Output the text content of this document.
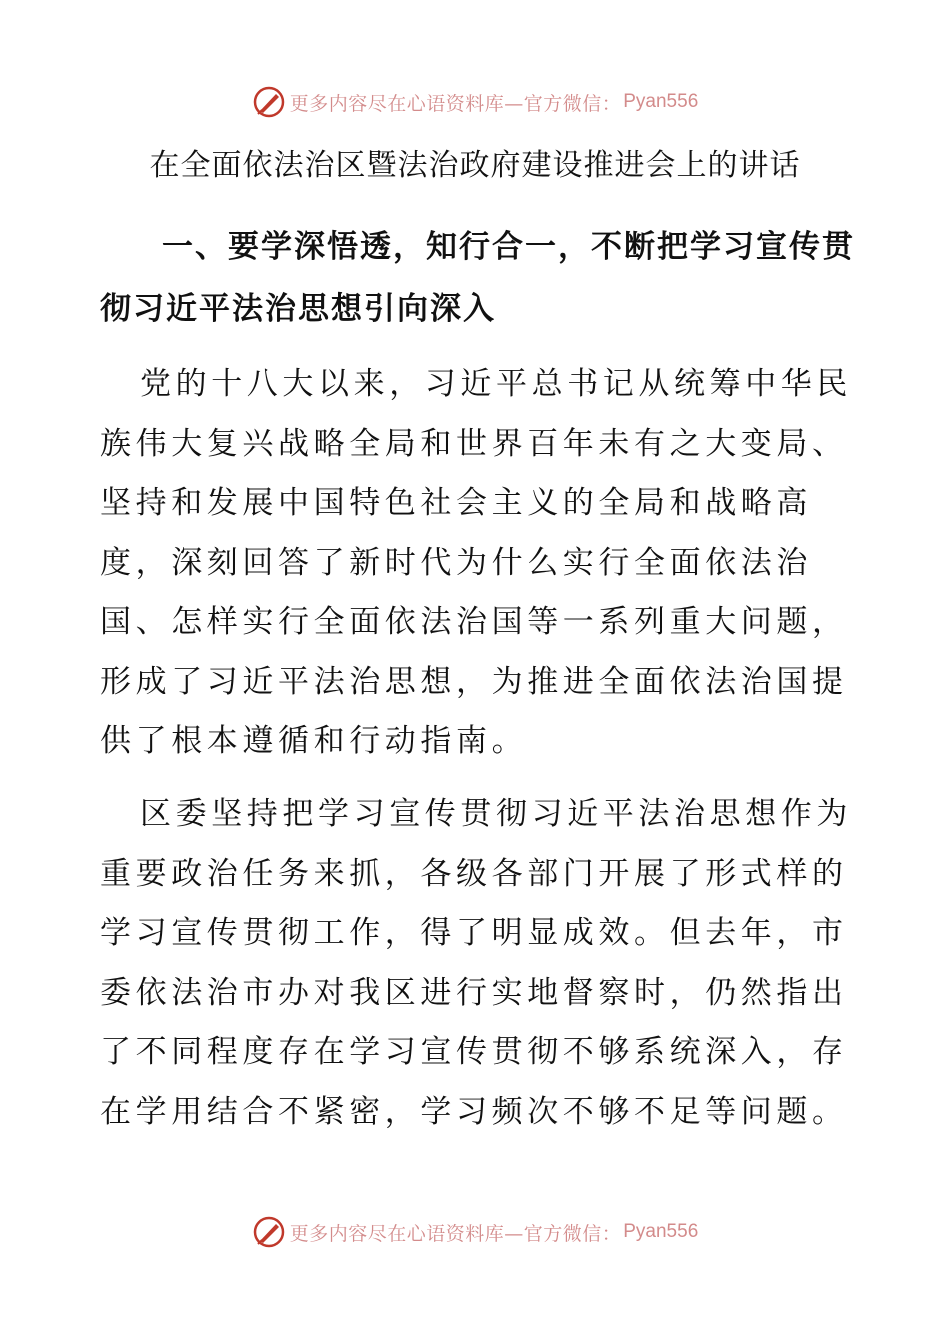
更多内容尽在心语资料库—官方微信： Pyan556
在全面依法治区暨法治政府建设推进会上的讲话
一、要学深悟透，知行合一，不断把学习宣传贯彻习近平法治思想引向深入
党的十八大以来，习近平总书记从统筹中华民族伟大复兴战略全局和世界百年未有之大变局、坚持和发展中国特色社会主义的全局和战略高度，深刻回答了新时代为什么实行全面依法治国、怎样实行全面依法治国等一系列重大问题，形成了习近平法治思想，为推进全面依法治国提供了根本遵循和行动指南。
区委坚持把学习宣传贯彻习近平法治思想作为重要政治任务来抓，各级各部门开展了形式样的学习宣传贯彻工作，得了明显成效。但去年，市委依法治市办对我区进行实地督察时，仍然指出了不同程度存在学习宣传贯彻不够系统深入，存在学用结合不紧密，学习频次不够不足等问题。
更多内容尽在心语资料库—官方微信： Pyan556
